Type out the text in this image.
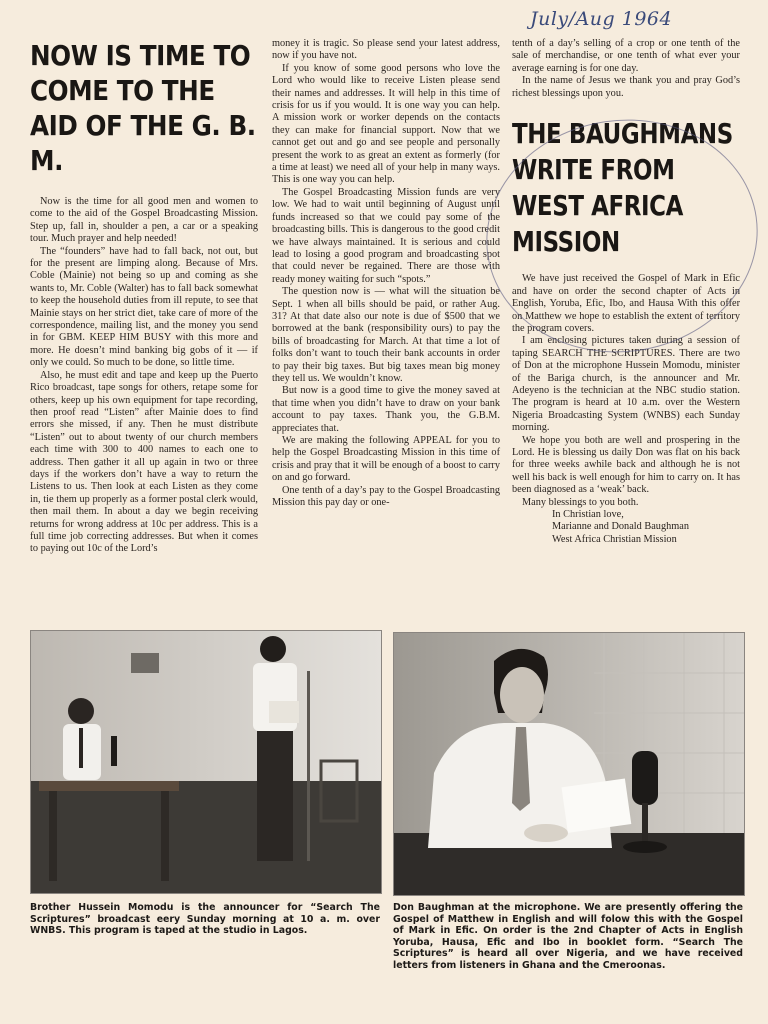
July/Aug 1964
NOW IS TIME TO COME TO THE AID OF THE G. B. M.

Now is the time for all good men and women to come to the aid of the Gospel Broadcasting Mission. Step up, fall in, shoulder a pen, a car or a speaking tour. Much prayer and help needed!

The “founders” have had to fall back, not out, but for the present are limping along. Because of Mrs. Coble (Mainie) not being so up and coming as she wants to, Mr. Coble (Walter) has to fall back somewhat to keep the household duties from ill repute, to see that Mainie stays on her strict diet, take care of more of the correspondence, mailing list, and the money you send in for GBM. KEEP HIM BUSY with this more and more. He doesn’t mind banking big gobs of it — if only we could. So much to be done, so little time.

Also, he must edit and tape and keep up the Puerto Rico broadcast, tape songs for others, retape some for others, keep up his own equipment for tape recording, then proof read “Listen” after Mainie does to find errors she missed, if any. Then he must distribute “Listen” out to about twenty of our church members each time with 300 to 400 names to each one to address. Then gather it all up again in two or three days if the workers don’t have a way to return the Listens to us. Then look at each Listen as they come in, tie them up properly as a former postal clerk would, then mail them. In about a day we begin receiving returns for wrong address at 10c per address. This is a full time job correcting addresses. But when it comes to paying out 10c of the Lord’s

money it is tragic. So please send your latest address, now if you have not.

If you know of some good persons who love the Lord who would like to receive Listen please send their names and addresses. It will help in this time of crisis for us if you would. It is one way you can help. A mission work or worker depends on the contacts they can make for financial support. Now that we cannot get out and go and see people and personally present the work to as great an extent as formerly (for a time at least) we need all of your help in many ways. This is one way you can help.

The Gospel Broadcasting Mission funds are very low. We had to wait until beginning of August until funds increased so that we could pay some of the broadcasting bills. This is dangerous to the good credit we have always maintained. It is serious and could lead to losing a good program and broadcasting spot that could never be regained. There are those with ready money waiting for such “spots.”

The question now is — what will the situation be Sept. 1 when all bills should be paid, or rather Aug. 31? At that date also our note is due of $500 that we borrowed at the bank (responsibility ours) to pay the bills of broadcasting for March. At that time a lot of folks don’t want to touch their bank accounts in order to pay their big taxes. But big taxes mean big money they tell us. We wouldn’t know.

But now is a good time to give the money saved at that time when you didn’t have to draw on your bank account to pay taxes. Thank you, the G.B.M. appreciates that.

We are making the following APPEAL for you to help the Gospel Broadcasting Mission in this time of crisis and pray that it will be enough of a boost to carry on and go forward.

One tenth of a day’s pay to the Gospel Broadcasting Mission this pay day or one-

tenth of a day’s selling of a crop or one tenth of the sale of merchandise, or one tenth of what ever your average earning is for one day.

In the name of Jesus we thank you and pray God’s richest blessings upon you.

THE BAUGHMANS WRITE FROM WEST AFRICA MISSION

We have just received the Gospel of Mark in Efic and have on order the second chapter of Acts in English, Yoruba, Efic, Ibo, and Hausa With this offer on Matthew we hope to establish the extent of territory the program covers.

I am enclosing pictures taken during a session of taping SEARCH THE SCRIPTURES. There are two of Don at the microphone Hussein Momodu, minister of the Bariga church, is the announcer and Mr. Adeyeno is the technician at the NBC studio station. The program is heard at 10 a.m. over the Western Nigeria Broadcasting System (WNBS) each Sunday morning.

We hope you both are well and prospering in the Lord. He is blessing us daily Don was flat on his back for three weeks awhile back and although he is not well his back is well enough for him to carry on. It has been diagnosed as a ‘weak’ back.

Many blessings to you both.

In Christian love,
Marianne and Donald Baughman
West Africa Christian Mission
Brother Hussein Momodu is the announcer for “Search The Scriptures” broadcast eery Sunday morning at 10 a. m. over WNBS. This program is taped at the studio in Lagos.
Don Baughman at the microphone. We are presently offering the Gospel of Matthew in English and will folow this with the Gospel of Mark in Efic. On order is the 2nd Chapter of Acts in English Yoruba, Hausa, Efic and Ibo in booklet form. “Search The Scriptures” is heard all over Nigeria, and we have received letters from listeners in Ghana and the Cmeroonas.
